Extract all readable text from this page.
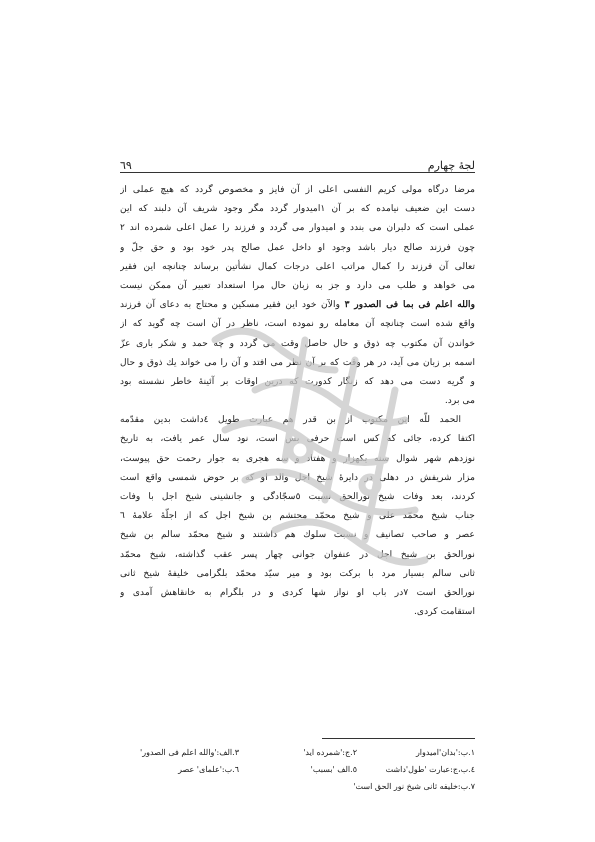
٦٩	لجۀ چهارم
مرضا درگاه مولی کریم النفسی اعلی از آن فایز و مخصوص گردد که هیچ عملی از
دست این ضعیف نیامده که بر آن ١امیدوار گردد مگر وجود شریف آن دلبند که این
عملی است که دلبران می بندد و امیدوار می گردد و فرزند را عمل اعلی شمرده اند ٢
چون فرزند صالح دیار باشد وجود او داخل عمل صالح پدر خود بود و حق جلّ و
تعالی آن فرزند را کمال مراتب اعلی درجات کمال نشأتین برساند چنانچه این فقیر
می خواهد و طلب می دارد و جز به زبان حال مرا استعداد تعبیر آن ممکن نیست
والله اعلم فی بما فی الصدور ٣ والآن خود این فقیر مسکین و محتاج به دعای آن فرزند
واقع شده است چنانچه آن معامله رو نموده است، ناظر در آن است چه گوید که از
خواندن آن مکتوب چه ذوق و حال حاصل وقت می گردد و چه حمد و شکر باری عزّ
اسمه بر زبان می آید، در هر وقت که بر آن نظر می افتد و آن را می خواند یك ذوق و حال
و گریه دست می دهد که زنگار کدورت که درین اوقات بر آئینۀ خاطر نشسته بود
می برد.
الحمد للّه این مکتوب از بن قدر هم عبارت طویل ٤داشت بدین مقدّمه
اکتفا کرده، جائی که کس است حرفی بس است، نود سال عمر یافت، به تاریخ
نوزدهم شهر شوال سنه یکهزار و هفتاد و سه هجری به جوار رحمت حق پیوست،
مزار شریفش در دهلی در دایرۀ شیخ اجل والد او که بر حوض شمسی واقع است
کردند، بعد وفات شیخ نورالحق نسبت ٥سجّادگی و جانشینی شیخ اجل با وفات
جناب شیخ محمّد علی و شیخ محمّد محتشم بن شیخ اجل که از اجلّۀ علامۀ ٦
عصر و صاحب تصانیف و نسبت سلوك هم داشتند و شیخ محمّد سالم بن شیخ
نورالحق بن شیخ اجل در عنفوان جوانی چهار پسر عقب گذاشته، شیخ محمّد
ثانی سالم بسیار مرد با برکت بود و میر سیّد محمّد بلگرامی خلیفۀ شیخ ثانی
نورالحق است ٧در باب او نواز شها کردی و در بلگرام به خانقاهش آمدی و
استقامت کردی.
١.ب:'بدان'امیدوار
٢.ج:'شمرده اید'
٣.الف:'والله اعلم فی الصدور'
٤.ب،ج:عبارت 'طول'داشت
٥.الف 'بسبب'
٦.ب:'علمای' عصر
٧.ب:خلیفه ثانی شیخ نور الحق است'
